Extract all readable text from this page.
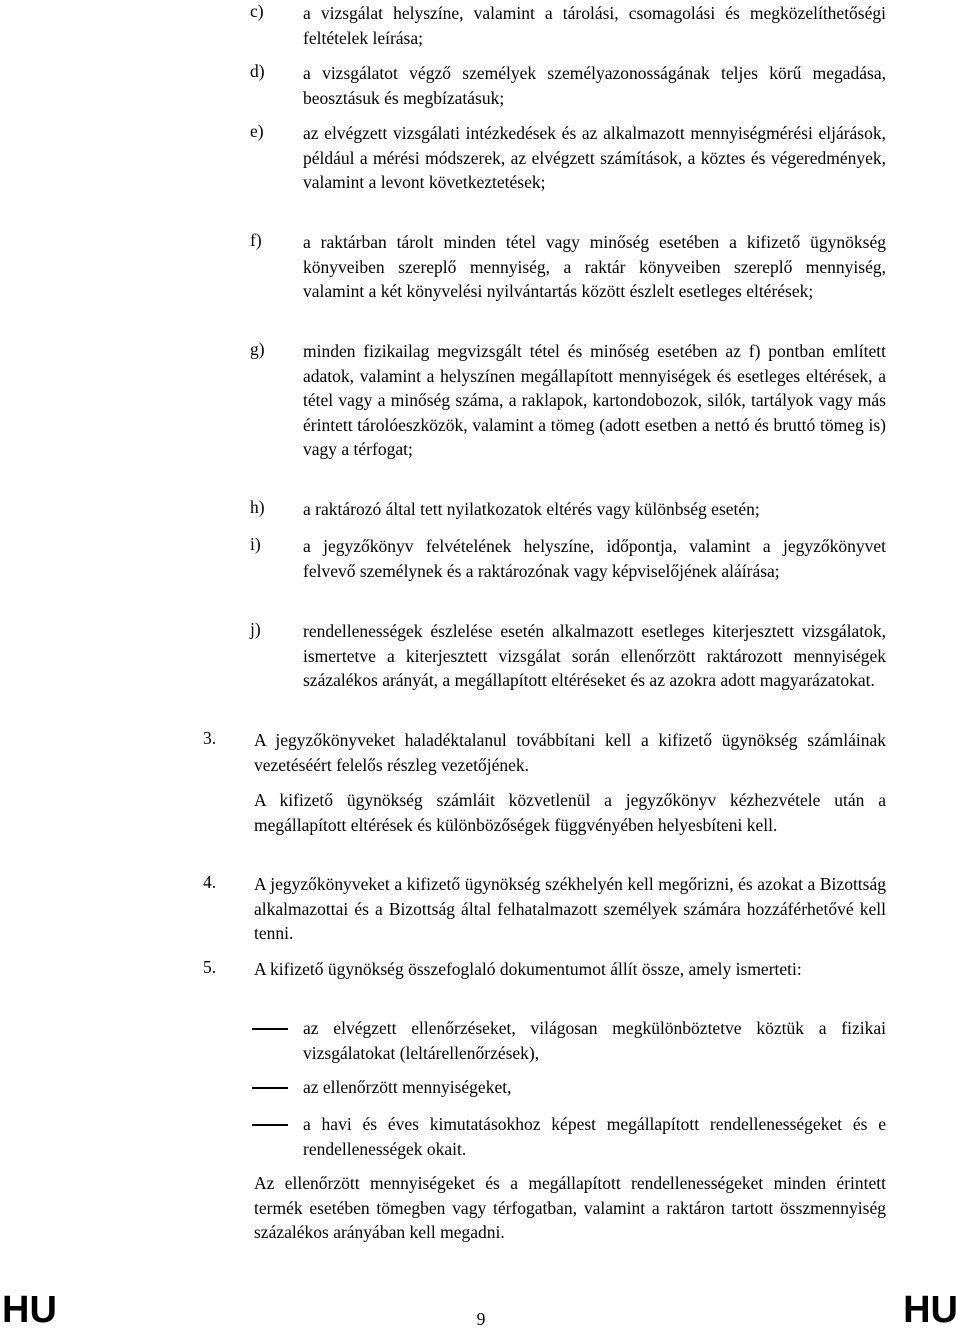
c)	a vizsgálat helyszíne, valamint a tárolási, csomagolási és megközelíthetőségi feltételek leírása;
d)	a vizsgálatot végző személyek személyazonosságának teljes körű megadása, beosztásuk és megbízatásuk;
e)	az elvégzett vizsgálati intézkedések és az alkalmazott mennyiségmérési eljárások, például a mérési módszerek, az elvégzett számítások, a köztes és végeredmények, valamint a levont következtetések;
f)	a raktárban tárolt minden tétel vagy minőség esetében a kifizető ügynökség könyveiben szereplő mennyiség, a raktár könyveiben szereplő mennyiség, valamint a két könyvelési nyilvántartás között észlelt esetleges eltérések;
g)	minden fizikailag megvizsgált tétel és minőség esetében az f) pontban említett adatok, valamint a helyszínen megállapított mennyiségek és esetleges eltérések, a tétel vagy a minőség száma, a raklapok, kartondobozok, silók, tartályok vagy más érintett tárolóeszközök, valamint a tömeg (adott esetben a nettó és bruttó tömeg is) vagy a térfogat;
h)	a raktározó által tett nyilatkozatok eltérés vagy különbség esetén;
i)	a jegyzőkönyv felvételének helyszíne, időpontja, valamint a jegyzőkönyvet felvevő személynek és a raktározónak vagy képviselőjének aláírása;
j)	rendellenességek észlelése esetén alkalmazott esetleges kiterjesztett vizsgálatok, ismertetve a kiterjesztett vizsgálat során ellenőrzött raktározott mennyiségek százalékos arányát, a megállapított eltéréseket és az azokra adott magyarázatokat.
3.	A jegyzőkönyveket haladéktalanul továbbítani kell a kifizető ügynökség számláinak vezetéséért felelős részleg vezetőjének.
A kifizető ügynökség számláit közvetlenül a jegyzőkönyv kézhezvétele után a megállapított eltérések és különbözőségek függvényében helyesbíteni kell.
4.	A jegyzőkönyveket a kifizető ügynökség székhelyén kell megőrizni, és azokat a Bizottság alkalmazottai és a Bizottság által felhatalmazott személyek számára hozzáférhetővé kell tenni.
5.	A kifizető ügynökség összefoglaló dokumentumot állít össze, amely ismerteti:
az elvégzett ellenőrzéseket, világosan megkülönböztetve köztük a fizikai vizsgálatokat (leltárellenőrzések),
az ellenőrzött mennyiségeket,
a havi és éves kimutatásokhoz képest megállapított rendellenességeket és e rendellenességek okait.
Az ellenőrzött mennyiségeket és a megállapított rendellenességeket minden érintett termék esetében tömegben vagy térfogatban, valamint a raktáron tartott összmennyiség százalékos arányában kell megadni.
HU	9	HU
